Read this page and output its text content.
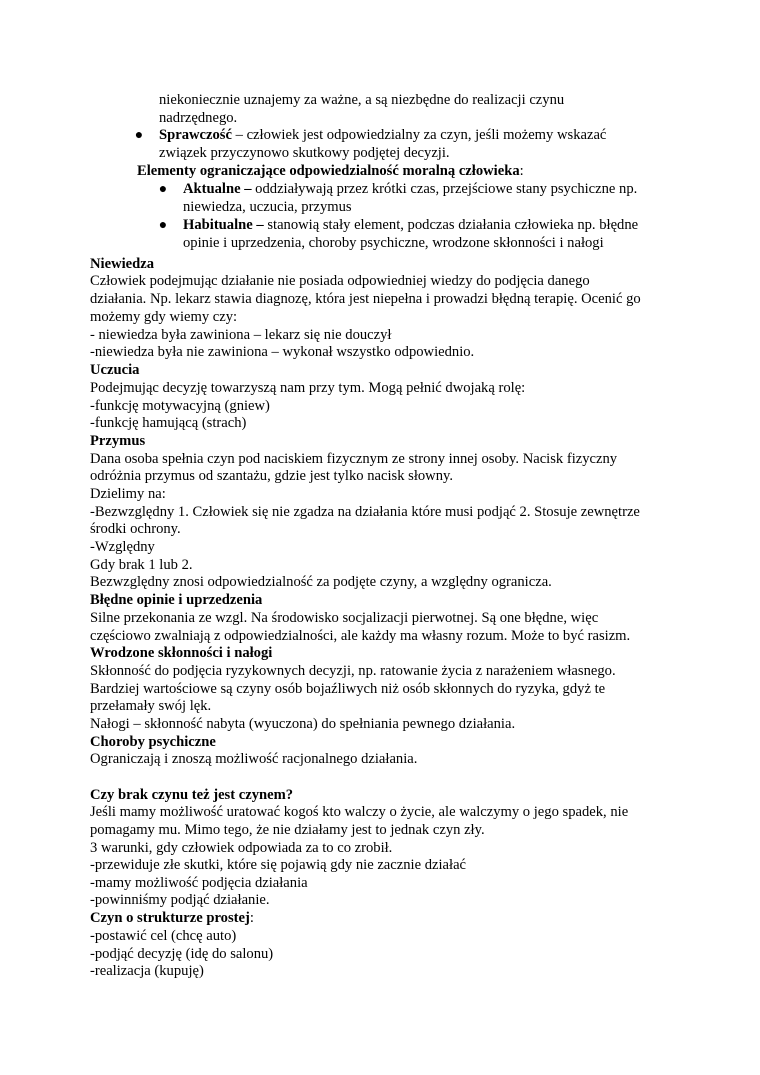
niekoniecznie uznajemy za ważne, a są niezbędne do realizacji czynu
nadrzędnego.
● Sprawczość – człowiek jest odpowiedzialny za czyn, jeśli możemy wskazać
związek przyczynowo skutkowy podjętej decyzji.
Elementy ograniczające odpowiedzialność moralną człowieka:
● Aktualne – oddziaływają przez krótki czas, przejściowe stany psychiczne np.
niewiedza, uczucia, przymus
● Habitualne – stanowią stały element, podczas działania człowieka np. błędne
opinie i uprzedzenia, choroby psychiczne, wrodzone skłonności i nałogi
Niewiedza
Człowiek podejmując działanie nie posiada odpowiedniej wiedzy do podjęcia danego
działania. Np. lekarz stawia diagnozę, która jest niepełna i prowadzi błędną terapię. Ocenić go
możemy gdy wiemy czy:
- niewiedza była zawiniona – lekarz się nie douczył
-niewiedza była nie zawiniona – wykonał wszystko odpowiednio.
Uczucia
Podejmując decyzję towarzyszą nam przy tym. Mogą pełnić dwojaką rolę:
-funkcję motywacyjną (gniew)
-funkcję hamującą (strach)
Przymus
Dana osoba spełnia czyn pod naciskiem fizycznym ze strony innej osoby. Nacisk fizyczny
odróżnia przymus od szantażu, gdzie jest tylko nacisk słowny.
Dzielimy na:
-Bezwzględny 1. Człowiek się nie zgadza na działania które musi podjąć 2. Stosuje zewnętrze
środki ochrony.
-Względny
Gdy brak 1 lub 2.
Bezwzględny znosi odpowiedzialność za podjęte czyny, a względny ogranicza.
Błędne opinie i uprzedzenia
Silne przekonania ze wzgl. Na środowisko socjalizacji pierwotnej. Są one błędne, więc
częściowo zwalniają z odpowiedzialności, ale każdy ma własny rozum. Może to być rasizm.
Wrodzone skłonności i nałogi
Skłonność do podjęcia ryzykownych decyzji, np. ratowanie życia z narażeniem własnego.
Bardziej wartościowe są czyny osób bojaźliwych niż osób skłonnych do ryzyka, gdyż te
przełamały swój lęk.
Nałogi – skłonność nabyta (wyuczona) do spełniania pewnego działania.
Choroby psychiczne
Ograniczają i znoszą możliwość racjonalnego działania.
Czy brak czynu też jest czynem?
Jeśli mamy możliwość uratować kogoś kto walczy o życie, ale walczymy o jego spadek, nie
pomagamy mu. Mimo tego, że nie działamy jest to jednak czyn zły.
3 warunki, gdy człowiek odpowiada za to co zrobił.
-przewiduje złe skutki, które się pojawią gdy nie zacznie działać
-mamy możliwość podjęcia działania
-powinniśmy podjąć działanie.
Czyn o strukturze prostej:
-postawić cel (chcę auto)
-podjąć decyzję (idę do salonu)
-realizacja (kupuję)
